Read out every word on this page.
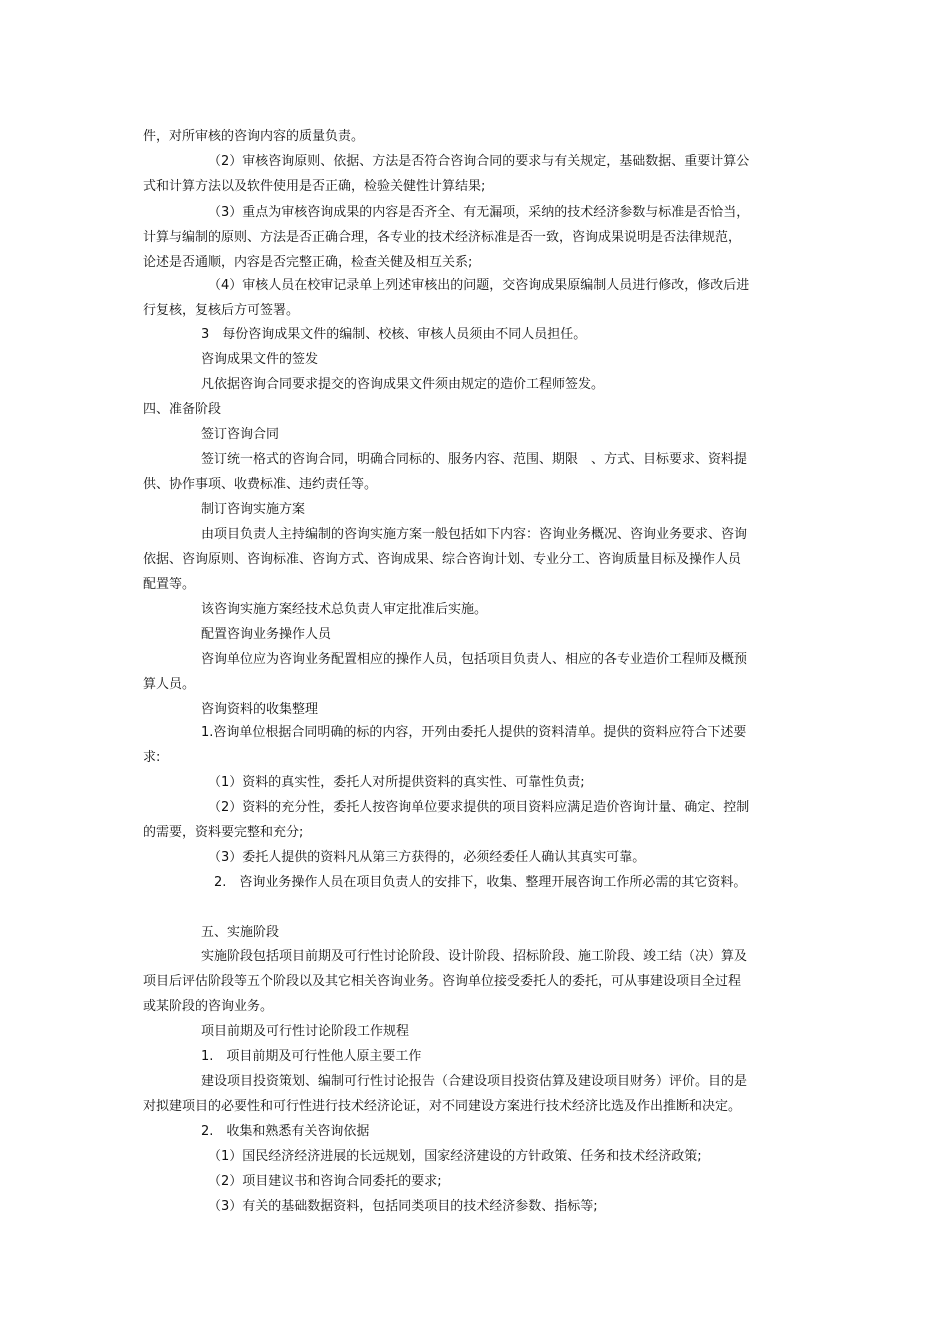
件，对所审核的咨询内容的质量负责。
（2）审核咨询原则、依据、方法是否符合咨询合同的要求与有关规定，基础数据、重要计算公
式和计算方法以及软件使用是否正确，检验关健性计算结果;
（3）重点为审核咨询成果的内容是否齐全、有无漏项，采纳的技术经济参数与标准是否恰当，
计算与编制的原则、方法是否正确合理，各专业的技术经济标准是否一致，咨询成果说明是否法律规范，
论述是否通顺，内容是否完整正确，检查关健及相互关系;
（4）审核人员在校审记录单上列述审核出的问题，交咨询成果原编制人员进行修改，修改后进
行复核，复核后方可签署。
3　每份咨询成果文件的编制、校核、审核人员须由不同人员担任。
咨询成果文件的签发
凡依据咨询合同要求提交的咨询成果文件须由规定的造价工程师签发。
四、准备阶段
签订咨询合同
签订统一格式的咨询合同，明确合同标的、服务内容、范围、期限　、方式、目标要求、资料提
供、协作事项、收费标准、违约责任等。
制订咨询实施方案
由项目负责人主持编制的咨询实施方案一般包括如下内容：咨询业务概况、咨询业务要求、咨询
依据、咨询原则、咨询标准、咨询方式、咨询成果、综合咨询计划、专业分工、咨询质量目标及操作人员
配置等。
该咨询实施方案经技术总负责人审定批准后实施。
配置咨询业务操作人员
咨询单位应为咨询业务配置相应的操作人员，包括项目负责人、相应的各专业造价工程师及概预
算人员。
咨询资料的收集整理
1.咨询单位根据合同明确的标的内容，开列由委托人提供的资料清单。提供的资料应符合下述要
求:
（1）资料的真实性，委托人对所提供资料的真实性、可靠性负责;
（2）资料的充分性，委托人按咨询单位要求提供的项目资料应满足造价咨询计量、确定、控制
的需要，资料要完整和充分;
（3）委托人提供的资料凡从第三方获得的，必须经委任人确认其真实可靠。
2.　咨询业务操作人员在项目负责人的安排下，收集、整理开展咨询工作所必需的其它资料。
五、实施阶段
实施阶段包括项目前期及可行性讨论阶段、设计阶段、招标阶段、施工阶段、竣工结（决）算及
项目后评估阶段等五个阶段以及其它相关咨询业务。咨询单位接受委托人的委托，可从事建设项目全过程
或某阶段的咨询业务。
项目前期及可行性讨论阶段工作规程
1.　项目前期及可行性他人原主要工作
建设项目投资策划、编制可行性讨论报告（合建设项目投资估算及建设项目财务）评价。目的是
对拟建项目的必要性和可行性进行技术经济论证，对不同建设方案进行技术经济比选及作出推断和决定。
2.　收集和熟悉有关咨询依据
（1）国民经济经济进展的长远规划，国家经济建设的方针政策、任务和技术经济政策;
（2）项目建议书和咨询合同委托的要求;
（3）有关的基础数据资料，包括同类项目的技术经济参数、指标等;
